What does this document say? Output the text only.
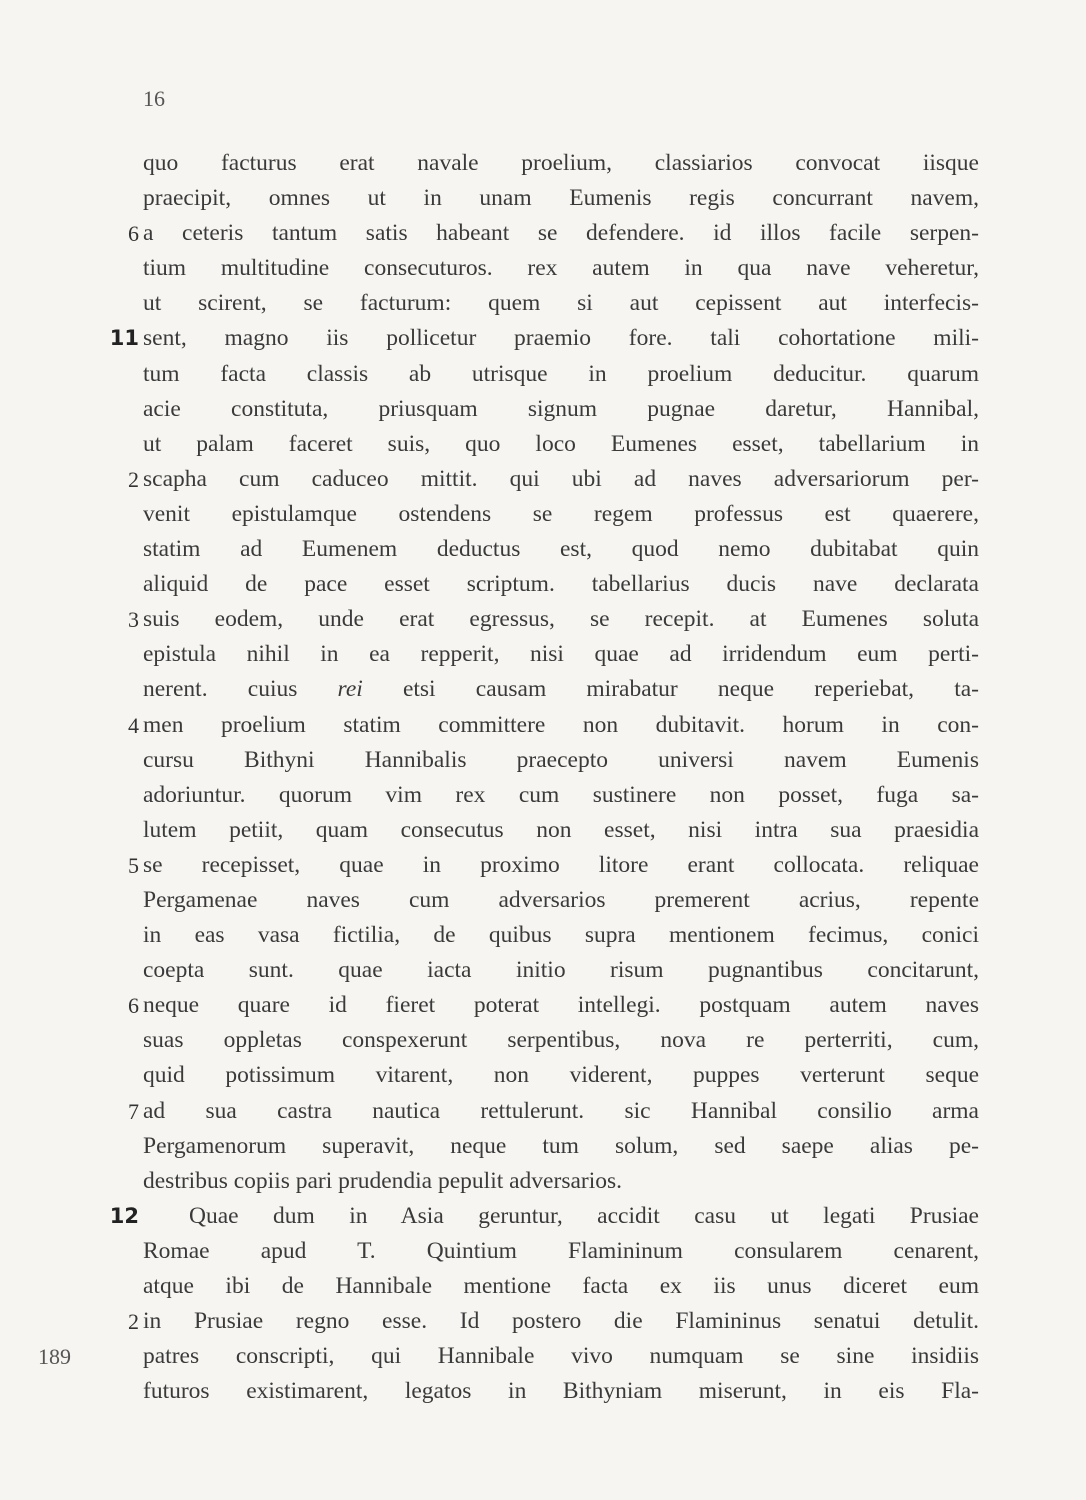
16
quo facturus erat navale proelium, classiarios convocat iisque
praecipit, omnes ut in unam Eumenis regis concurrant navem,
6 a ceteris tantum satis habeant se defendere. id illos facile serpen-
tium multitudine consecuturos. rex autem in qua nave veheretur,
ut scirent, se facturum: quem si aut cepissent aut interfecis-
11 sent, magno iis pollicetur praemio fore. tali cohortatione mili-
tum facta classis ab utrisque in proelium deducitur. quarum
acie constituta, priusquam signum pugnae daretur, Hannibal,
ut palam faceret suis, quo loco Eumenes esset, tabellarium in
2 scapha cum caduceo mittit. qui ubi ad naves adversariorum per-
venit epistulamque ostendens se regem professus est quaerere,
statim ad Eumenem deductus est, quod nemo dubitabat quin
aliquid de pace esset scriptum. tabellarius ducis nave declarata
3 suis eodem, unde erat egressus, se recepit. at Eumenes soluta
epistula nihil in ea repperit, nisi quae ad irridendum eum perti-
nerent. cuius rei etsi causam mirabatur neque reperiebat, ta-
4 men proelium statim committere non dubitavit. horum in con-
cursu Bithyni Hannibalis praecepto universi navem Eumenis
adoriuntur. quorum vim rex cum sustinere non posset, fuga sa-
lutem petiit, quam consecutus non esset, nisi intra sua praesidia
5 se recepisset, quae in proximo litore erant collocata. reliquae
Pergamenae naves cum adversarios premerent acrius, repente
in eas vasa fictilia, de quibus supra mentionem fecimus, conici
coepta sunt. quae iacta initio risum pugnantibus concitarunt,
6 neque quare id fieret poterat intellegi. postquam autem naves
suas oppletas conspexerunt serpentibus, nova re perterriti, cum,
quid potissimum vitarent, non viderent, puppes verterunt seque
7 ad sua castra nautica rettulerunt. sic Hannibal consilio arma
Pergamenorum superavit, neque tum solum, sed saepe alias pe-
destribus copiis pari prudendia pepulit adversarios.
12	Quae dum in Asia geruntur, accidit casu ut legati Prusiae
Romae apud T. Quintium Flamininum consularem cenarent,
atque ibi de Hannibale mentione facta ex iis unus diceret eum
2 in Prusiae regno esse. Id postero die Flamininus senatui detulit.
189	patres conscripti, qui Hannibale vivo numquam se sine insidiis
futuros existimarent, legatos in Bithyniam miserunt, in eis Fla-
